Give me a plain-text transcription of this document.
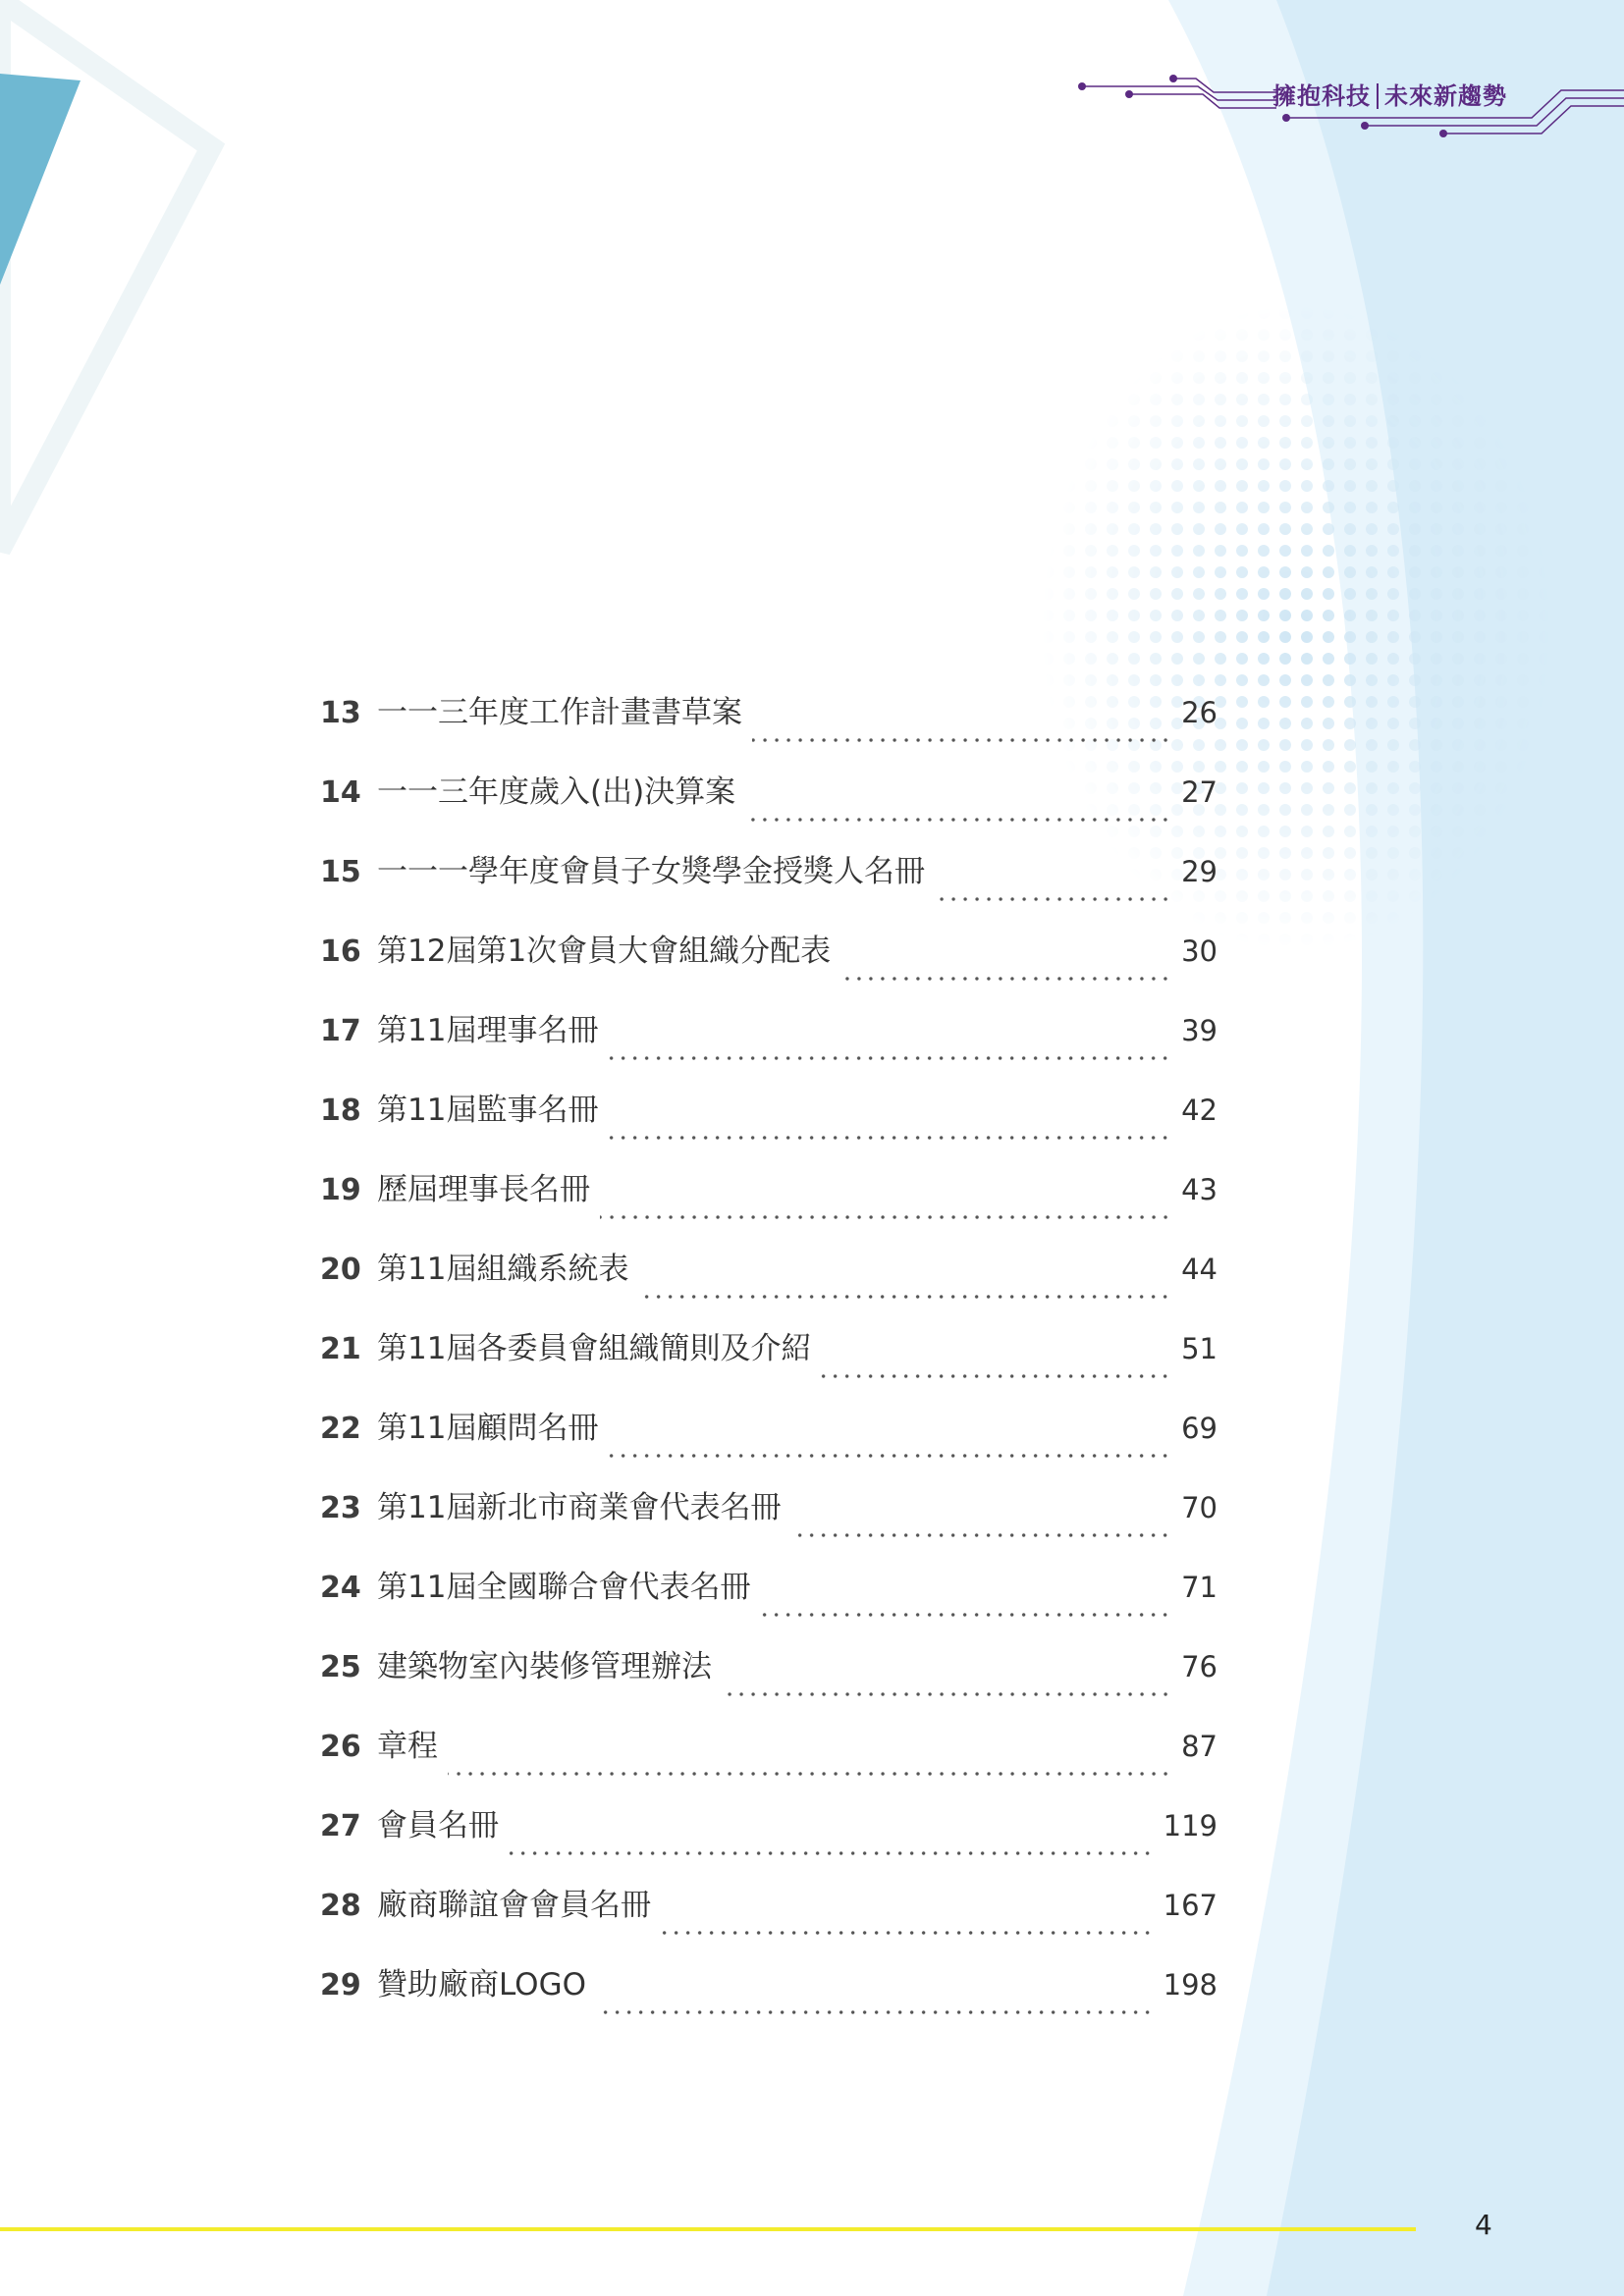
擁抱科技 未來新趨勢
13 一一三年度工作計畫書草案	26
14 一一三年度歲入(出)決算案	27
15 一一一學年度會員子女獎學金授獎人名冊	29
16 第12屆第1次會員大會組織分配表	30
17 第11屆理事名冊	39
18 第11屆監事名冊	42
19 歷屆理事長名冊	43
20 第11屆組織系統表	44
21 第11屆各委員會組織簡則及介紹	51
22 第11屆顧問名冊	69
23 第11屆新北市商業會代表名冊	70
24 第11屆全國聯合會代表名冊	71
25 建築物室內裝修管理辦法	76
26 章程	87
27 會員名冊	119
28 廠商聯誼會會員名冊	167
29 贊助廠商LOGO	198
4
